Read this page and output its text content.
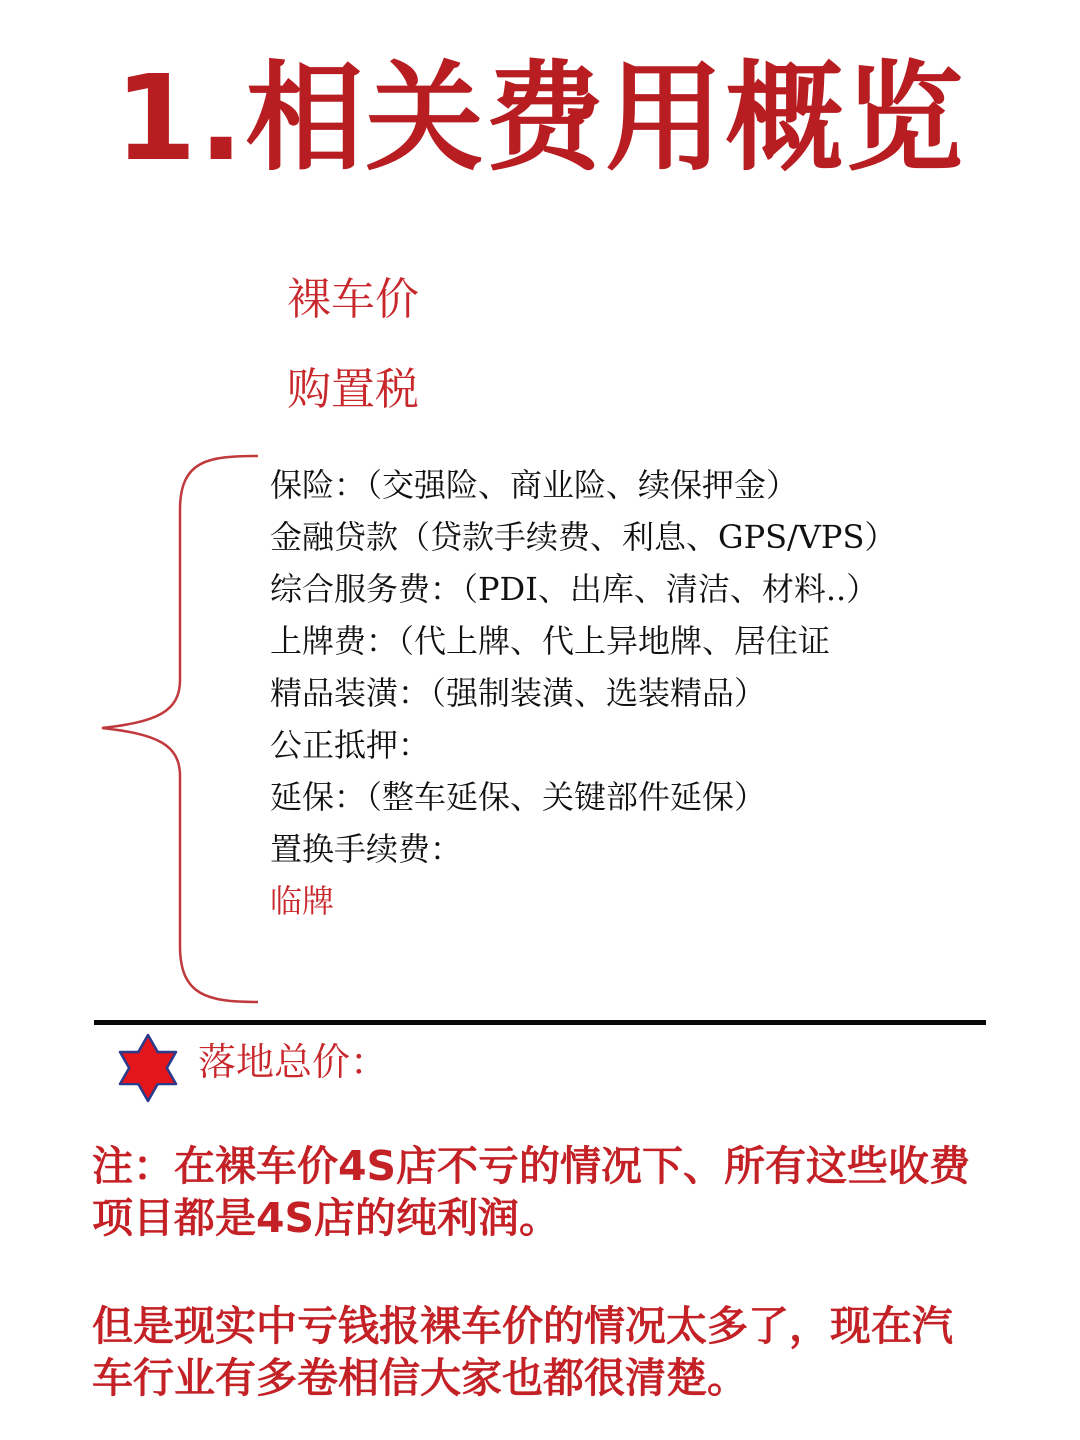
1.相关费用概览
裸车价
购置税
保险：（交强险、商业险、续保押金）
金融贷款（贷款手续费、利息、GPS/VPS）
综合服务费：（PDI、出库、清洁、材料..）
上牌费：（代上牌、代上异地牌、居住证
精品装潢：（强制装潢、选装精品）
公正抵押：
延保：（整车延保、关键部件延保）
置换手续费：
临牌
落地总价：

注：在裸车价4S店不亏的情况下、所有这些收费项目都是4S店的纯利润。

但是现实中亏钱报裸车价的情况太多了，现在汽车行业有多卷相信大家也都很清楚。
